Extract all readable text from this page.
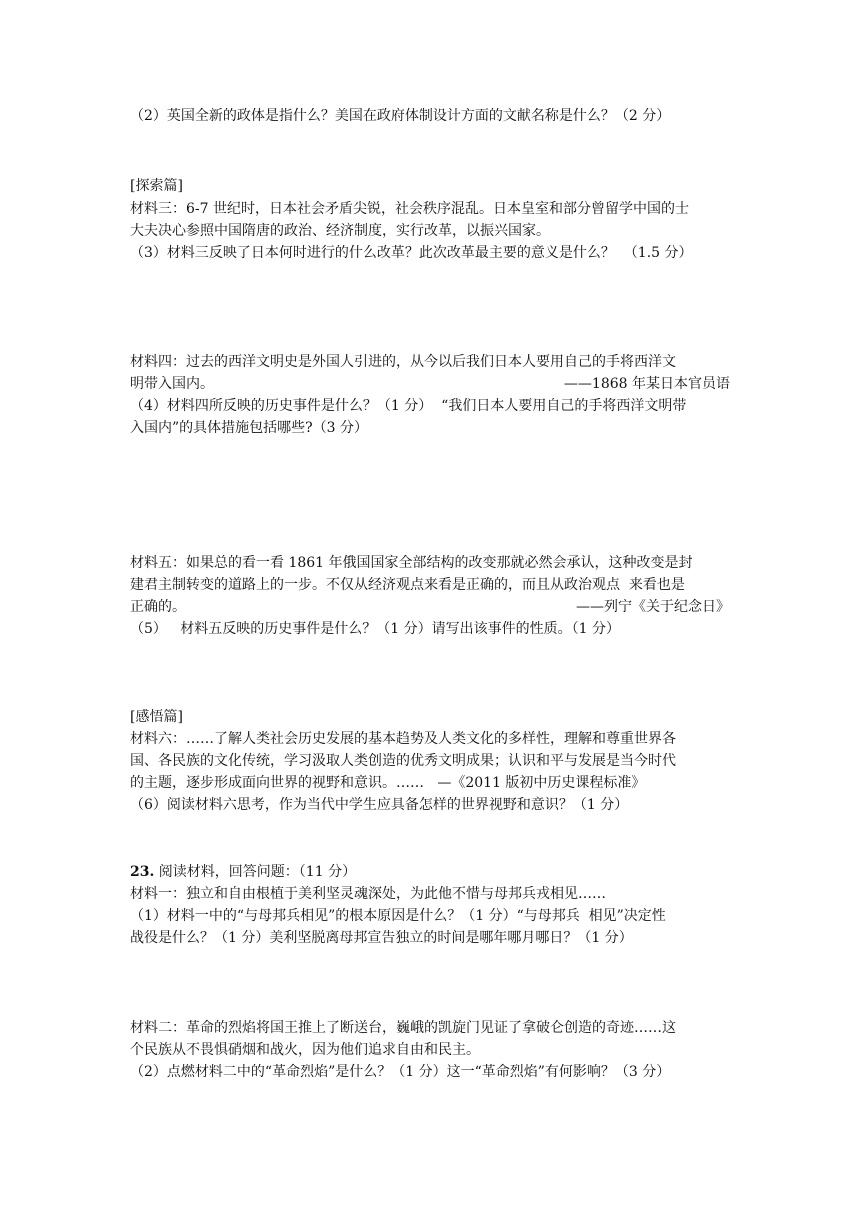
（2）英国全新的政体是指什么？美国在政府体制设计方面的文献名称是什么？（2 分）

[探索篇]

材料三：6-7 世纪时，日本社会矛盾尖锐，社会秩序混乱。日本皇室和部分曾留学中国的士

大夫决心参照中国隋唐的政治、经济制度，实行改革，以振兴国家。

（3）材料三反映了日本何时进行的什么改革？此次改革最主要的意义是什么？  （1.5 分）

材料四：过去的西洋文明史是外国人引进的，从今以后我们日本人要用自己的手将西洋文

明带入国内。	——1868 年某日本官员语

（4）材料四所反映的历史事件是什么？（1 分）  “我们日本人要用自己的手将西洋文明带

入国内”的具体措施包括哪些?（3 分）

材料五：如果总的看一看 1861 年俄国国家全部结构的改变那就必然会承认，这种改变是封

建君主制转变的道路上的一步。不仅从经济观点来看是正确的，而且从政治观点  来看也是

正确的。	——列宁《关于纪念日》

（5）   材料五反映的历史事件是什么？（1 分）请写出该事件的性质。（1 分）

[感悟篇]

材料六：……了解人类社会历史发展的基本趋势及人类文化的多样性，理解和尊重世界各

国、各民族的文化传统，学习汲取人类创造的优秀文明成果；认识和平与发展是当今时代

的主题，逐步形成面向世界的视野和意识。……   —《2011 版初中历史课程标准》

（6）阅读材料六思考，作为当代中学生应具备怎样的世界视野和意识？（1 分）

23. 阅读材料，回答问题：（11 分）

材料一：独立和自由根植于美利坚灵魂深处，为此他不惜与母邦兵戎相见……

（1）材料一中的“与母邦兵相见”的根本原因是什么？（1 分）“与母邦兵  相见”决定性

战役是什么？（1 分）美利坚脱离母邦宣告独立的时间是哪年哪月哪日？（1 分）

材料二：革命的烈焰将国王推上了断送台，巍峨的凯旋门见证了拿破仑创造的奇迹……这

个民族从不畏惧硝烟和战火，因为他们追求自由和民主。

（2）点燃材料二中的“革命烈焰”是什么？（1 分）这一“革命烈焰”有何影响？（3 分）
